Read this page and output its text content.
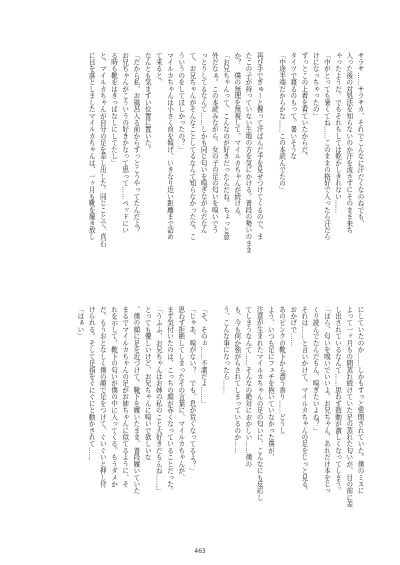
サラサ……サラサカ、それでこんなに汗だくなのねでも、
入った後の対処法を知らないのか汗を流さずにそのまま来ち
ゃったようだ。でもそれもしては乾かしきれない……
「中がとっても暑くてね……このままの格好で入ったら汗だら
けになっちゃったの」
ずっとこの上着を着ていたからだ。
タイツで寝るのもって。暑いそうな
「中途半端だからかな……この本読んでたの」

再び手でぎゅーと握って汗ばんだ手を見せつけてくるので、ま
たこの子が持っていない生地の方を気にかける。普段の勢いのまま
か？　僕の無理を無視して、マイルカちゃんが続ける。
「お兄ちゃんって、こんなのが好きだったんだね。ちょっと意
外だなぁ。この本読みながら、女の子の足の匂いを嗅いでう
っとりしてるなんて……しかも同じ匂いを嗅ぎながらだなん
て、お兄ちゃんがそんなことしてるなんて知らなかったな。こ
ういうのをしてほしかったの？」
マイルカちゃんは小さく首を傾げ、いきなり近い距離まで詰め
て来ると、
なんとも気まずい位置に置いた。
「だから私、お風呂入る前からずっとこうやってたんだよ？　
お兄ちゃんがこういうの好きかなって思って……ベッドにい
る時も靴をはきっぱなしにしてたし」
と、マイルカちゃんが自分の足を差し出した。同じことで、真石
に目を落としましたマイルカちゃんは、一ヶ月も靴を履き放し
にしていたのか……しかもずっと密閉されていた。僕のミスに
よって一ヶ月もの間蒸れ続けていた足の蒸れた匂いが、目の前に差
し出されているなんて……思わず鼓動が激しくなってしまう。
「ほら、匂いを嗅いでいいよ。お兄ちゃん、あれだけ本をじっ
くり読んでたんだもん、嗅ぎたいよね？」
それは……と言いかけて、マイルカちゃんの足をじっと見る。
おかげで……
あのピンクの靴下から漂う香り……どうし
よう、いつも足にフェチを抱いていなかった僕が、
注意が生まれたマイルカちゃんの足の匂いに、こんなにも反応し
てしまうなんて……そんなの絶対におかしい……僕の
も、今も何か強がらされてしまっているのか……
う、こんな事になったら……

「そ、そのぉ……不潔だよ……」
「じゃあ、嗅がない？　でも、息が荒くなってるよ？」
思わず拒絶してしまったその言葉に、マイルカちゃんが、
まず気付いたのは、こっちの顔が赤くなっていることだった。
「うふふ、お兄ちゃんはお姉の私のこと大好きだもんね……」
とっても優しいけど、お兄ちゃんに嗅いで欲しいな
、僕の顔に足を近づけて、靴下を履いたまま、普段履いていた
まるでマイルカちゃんの足がお姉ちゃんに似てるように、そ
れを示して、靴下の匂いが僕の中に入ってくる。もうダメか
だ、もうおとなしく僕の顔で足をつけて、ぐいぐいと押し付
けられる。そして足指をぐにぐにと動かされて……
「はぁい」
463
